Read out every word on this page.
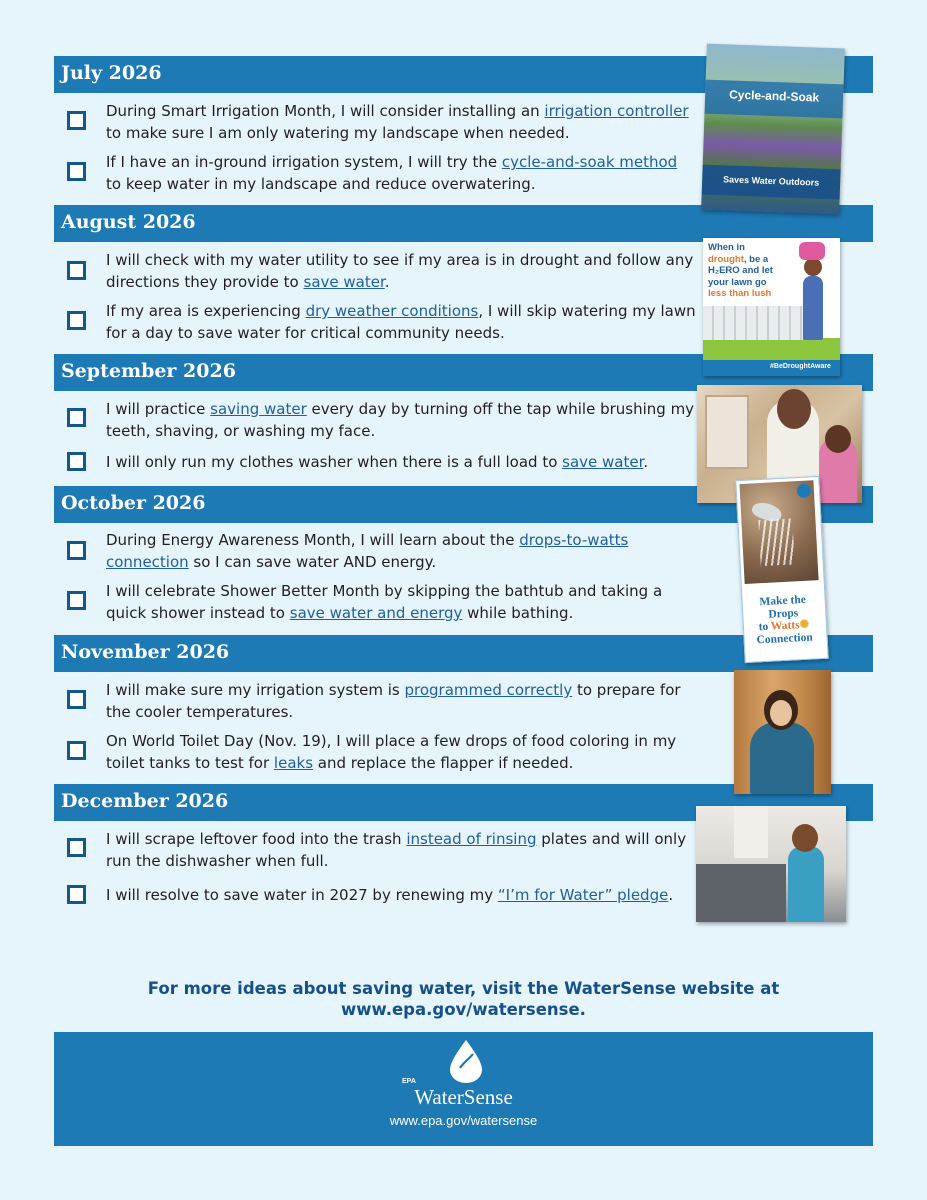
July 2026
August 2026
September 2026
October 2026
November 2026
December 2026
During Smart Irrigation Month, I will consider installing an irrigation controller to make sure I am only watering my landscape when needed.
If I have an in-ground irrigation system, I will try the cycle-and-soak method to keep water in my landscape and reduce overwatering.
I will check with my water utility to see if my area is in drought and follow any directions they provide to save water.
If my area is experiencing dry weather conditions, I will skip watering my lawn for a day to save water for critical community needs.
I will practice saving water every day by turning off the tap while brushing my teeth, shaving, or washing my face.
I will only run my clothes washer when there is a full load to save water.
During Energy Awareness Month, I will learn about the drops-to-watts connection so I can save water AND energy.
I will celebrate Shower Better Month by skipping the bathtub and taking a quick shower instead to save water and energy while bathing.
I will make sure my irrigation system is programmed correctly to prepare for the cooler temperatures.
On World Toilet Day (Nov. 19), I will place a few drops of food coloring in my toilet tanks to test for leaks and replace the flapper if needed.
I will scrape leftover food into the trash instead of rinsing plates and will only run the dishwasher when full.
I will resolve to save water in 2027 by renewing my “I’m for Water” pledge.
Cycle-and-Soak
Saves Water Outdoors
#BeDroughtAware
When in
drought, be a
H₂ERO and let
your lawn go
less than lush
Make the
Drops
to Watts✺
Connection
For more ideas about saving water, visit the WaterSense website at www.epa.gov/watersense.
EPA
WaterSense
www.epa.gov/watersense
